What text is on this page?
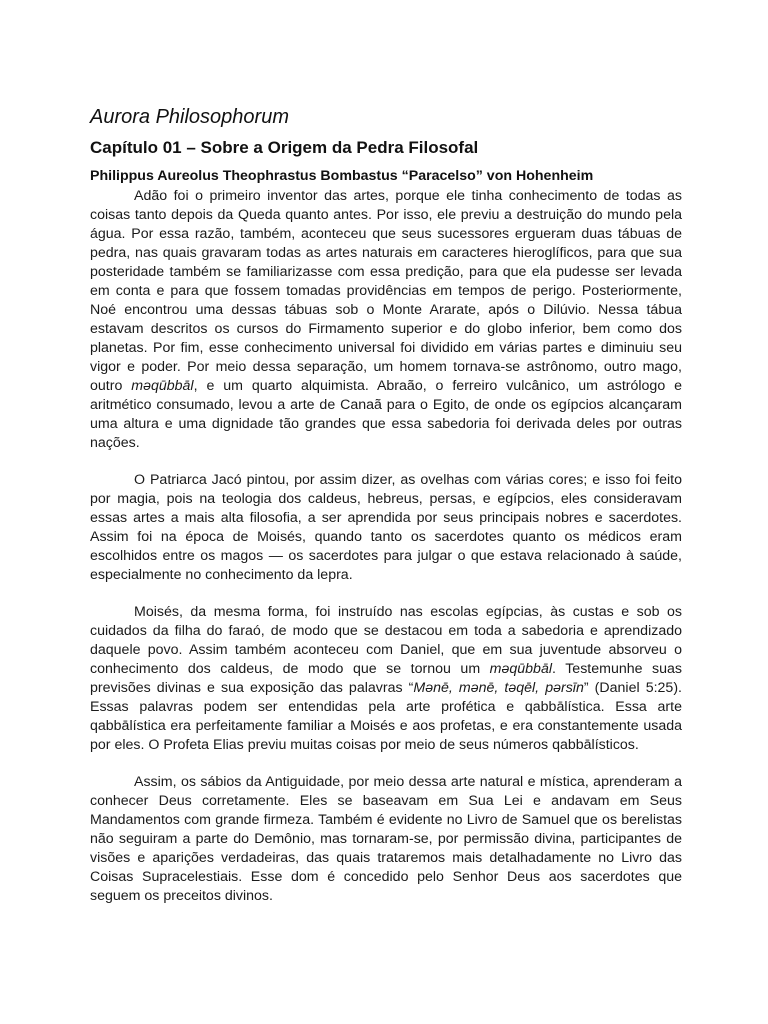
Aurora Philosophorum
Capítulo 01 – Sobre a Origem da Pedra Filosofal
Philippus Aureolus Theophrastus Bombastus “Paracelso” von Hohenheim

Adão foi o primeiro inventor das artes, porque ele tinha conhecimento de todas as coisas tanto depois da Queda quanto antes. Por isso, ele previu a destruição do mundo pela água. Por essa razão, também, aconteceu que seus sucessores ergueram duas tábuas de pedra, nas quais gravaram todas as artes naturais em caracteres hieroglíficos, para que sua posteridade também se familiarizasse com essa predição, para que ela pudesse ser levada em conta e para que fossem tomadas providências em tempos de perigo. Posteriormente, Noé encontrou uma dessas tábuas sob o Monte Ararate, após o Dilúvio. Nessa tábua estavam descritos os cursos do Firmamento superior e do globo inferior, bem como dos planetas. Por fim, esse conhecimento universal foi dividido em várias partes e diminuiu seu vigor e poder. Por meio dessa separação, um homem tornava-se astrônomo, outro mago, outro məqūbbāl, e um quarto alquimista. Abraão, o ferreiro vulcânico, um astrólogo e aritmético consumado, levou a arte de Canaã para o Egito, de onde os egípcios alcançaram uma altura e uma dignidade tão grandes que essa sabedoria foi derivada deles por outras nações.

O Patriarca Jacó pintou, por assim dizer, as ovelhas com várias cores; e isso foi feito por magia, pois na teologia dos caldeus, hebreus, persas, e egípcios, eles consideravam essas artes a mais alta filosofia, a ser aprendida por seus principais nobres e sacerdotes. Assim foi na época de Moisés, quando tanto os sacerdotes quanto os médicos eram escolhidos entre os magos — os sacerdotes para julgar o que estava relacionado à saúde, especialmente no conhecimento da lepra.

Moisés, da mesma forma, foi instruído nas escolas egípcias, às custas e sob os cuidados da filha do faraó, de modo que se destacou em toda a sabedoria e aprendizado daquele povo. Assim também aconteceu com Daniel, que em sua juventude absorveu o conhecimento dos caldeus, de modo que se tornou um məqūbbāl. Testemunhe suas previsões divinas e sua exposição das palavras “Mənē, mənē, təqēl, pərsīn” (Daniel 5:25). Essas palavras podem ser entendidas pela arte profética e qabbālística. Essa arte qabbālística era perfeitamente familiar a Moisés e aos profetas, e era constantemente usada por eles. O Profeta Elias previu muitas coisas por meio de seus números qabbālísticos.

Assim, os sábios da Antiguidade, por meio dessa arte natural e mística, aprenderam a conhecer Deus corretamente. Eles se baseavam em Sua Lei e andavam em Seus Mandamentos com grande firmeza. Também é evidente no Livro de Samuel que os berelistas não seguiram a parte do Demônio, mas tornaram-se, por permissão divina, participantes de visões e aparições verdadeiras, das quais trataremos mais detalhadamente no Livro das Coisas Supracelestiais. Esse dom é concedido pelo Senhor Deus aos sacerdotes que seguem os preceitos divinos.
